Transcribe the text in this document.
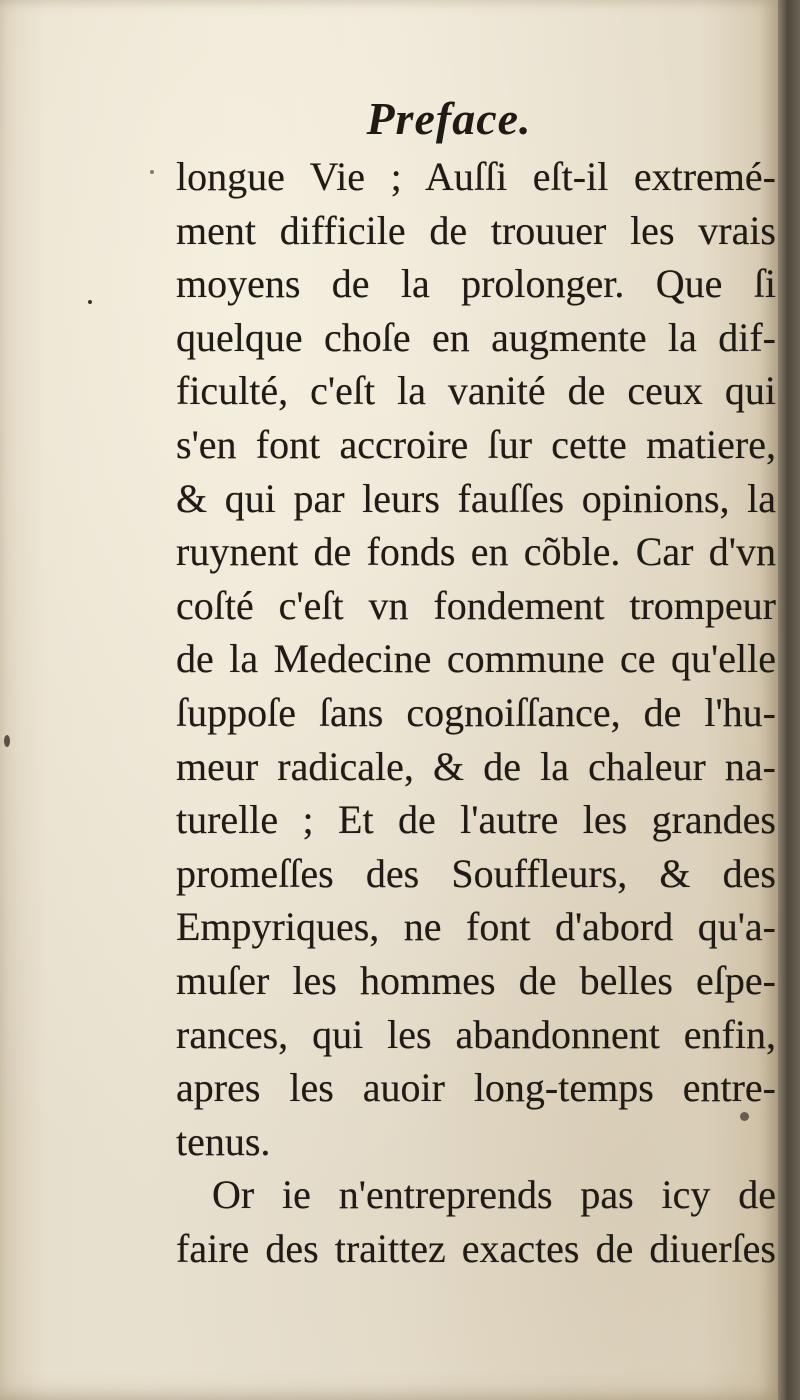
Preface.
longue Vie ; Auſſi eſt-il extremé-
ment difficile de trouuer les vrais
moyens de la prolonger. Que ſi
quelque choſe en augmente la dif-
ficulté, c'eſt la vanité de ceux qui
s'en font accroire ſur cette matiere,
& qui par leurs fauſſes opinions, la
ruynent de fonds en cõble. Car d'vn
coſté c'eſt vn fondement trompeur
de la Medecine commune ce qu'elle
ſuppoſe ſans cognoiſſance, de l'hu-
meur radicale, & de la chaleur na-
turelle ; Et de l'autre les grandes
promeſſes des Souffleurs, & des
Empyriques, ne font d'abord qu'a-
muſer les hommes de belles eſpe-
rances, qui les abandonnent enfin,
apres les auoir long-temps entre-
tenus.
Or ie n'entreprends pas icy de
faire des traittez exactes de diuerſes
